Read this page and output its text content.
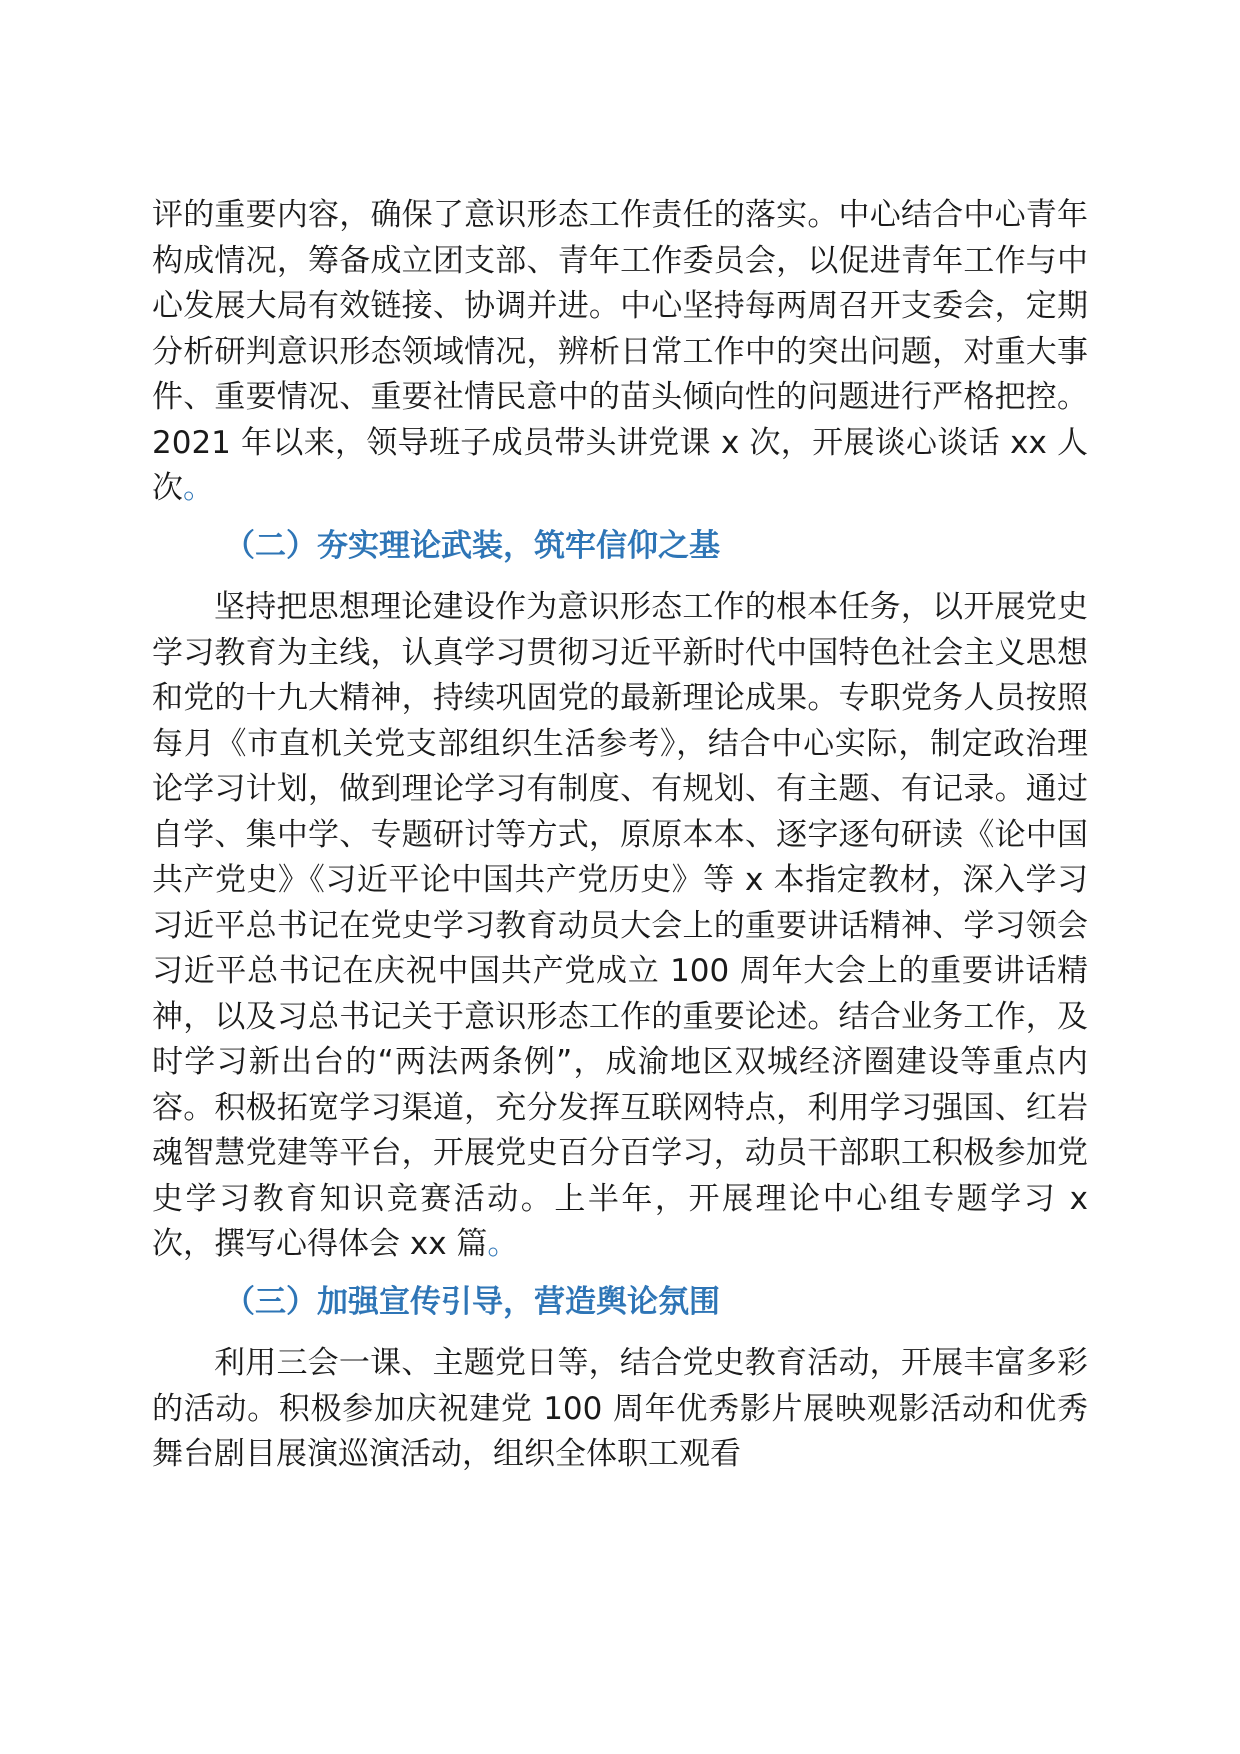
评的重要内容，确保了意识形态工作责任的落实。中心结合中心青年构成情况，筹备成立团支部、青年工作委员会，以促进青年工作与中心发展大局有效链接、协调并进。中心坚持每两周召开支委会，定期分析研判意识形态领域情况，辨析日常工作中的突出问题，对重大事件、重要情况、重要社情民意中的苗头倾向性的问题进行严格把控。2021 年以来，领导班子成员带头讲党课 x 次，开展谈心谈话 xx 人次。

（二）夯实理论武装，筑牢信仰之基

坚持把思想理论建设作为意识形态工作的根本任务，以开展党史学习教育为主线，认真学习贯彻习近平新时代中国特色社会主义思想和党的十九大精神，持续巩固党的最新理论成果。专职党务人员按照每月《市直机关党支部组织生活参考》，结合中心实际，制定政治理论学习计划，做到理论学习有制度、有规划、有主题、有记录。通过自学、集中学、专题研讨等方式，原原本本、逐字逐句研读《论中国共产党史》《习近平论中国共产党历史》等 x 本指定教材，深入学习习近平总书记在党史学习教育动员大会上的重要讲话精神、学习领会习近平总书记在庆祝中国共产党成立 100 周年大会上的重要讲话精神，以及习总书记关于意识形态工作的重要论述。结合业务工作，及时学习新出台的“两法两条例”，成渝地区双城经济圈建设等重点内容。积极拓宽学习渠道，充分发挥互联网特点，利用学习强国、红岩魂智慧党建等平台，开展党史百分百学习，动员干部职工积极参加党史学习教育知识竞赛活动。上半年，开展理论中心组专题学习 x 次，撰写心得体会 xx 篇。

（三）加强宣传引导，营造舆论氛围

利用三会一课、主题党日等，结合党史教育活动，开展丰富多彩的活动。积极参加庆祝建党 100 周年优秀影片展映观影活动和优秀舞台剧目展演巡演活动，组织全体职工观看
